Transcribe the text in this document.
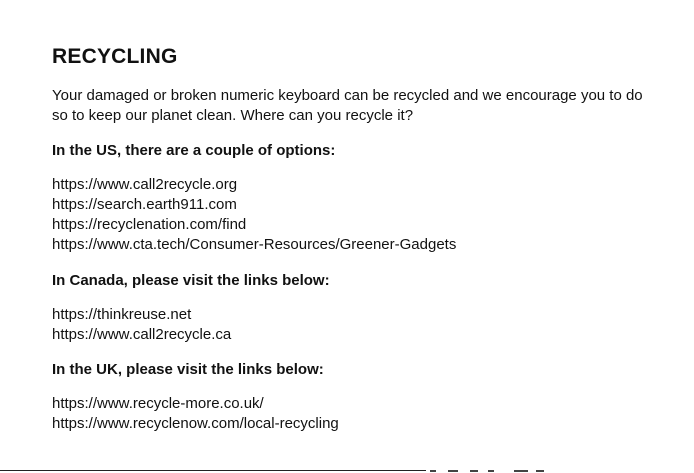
RECYCLING

Your damaged or broken numeric keyboard can be recycled and we encourage you to do so to keep our planet clean. Where can you recycle it?

In the US, there are a couple of options:
https://www.call2recycle.org
https://search.earth911.com
https://recyclenation.com/find
https://www.cta.tech/Consumer-Resources/Greener-Gadgets
In Canada, please visit the links below:
https://thinkreuse.net
https://www.call2recycle.ca
In the UK, please visit the links below:
https://www.recycle-more.co.uk/
https://www.recyclenow.com/local-recycling
